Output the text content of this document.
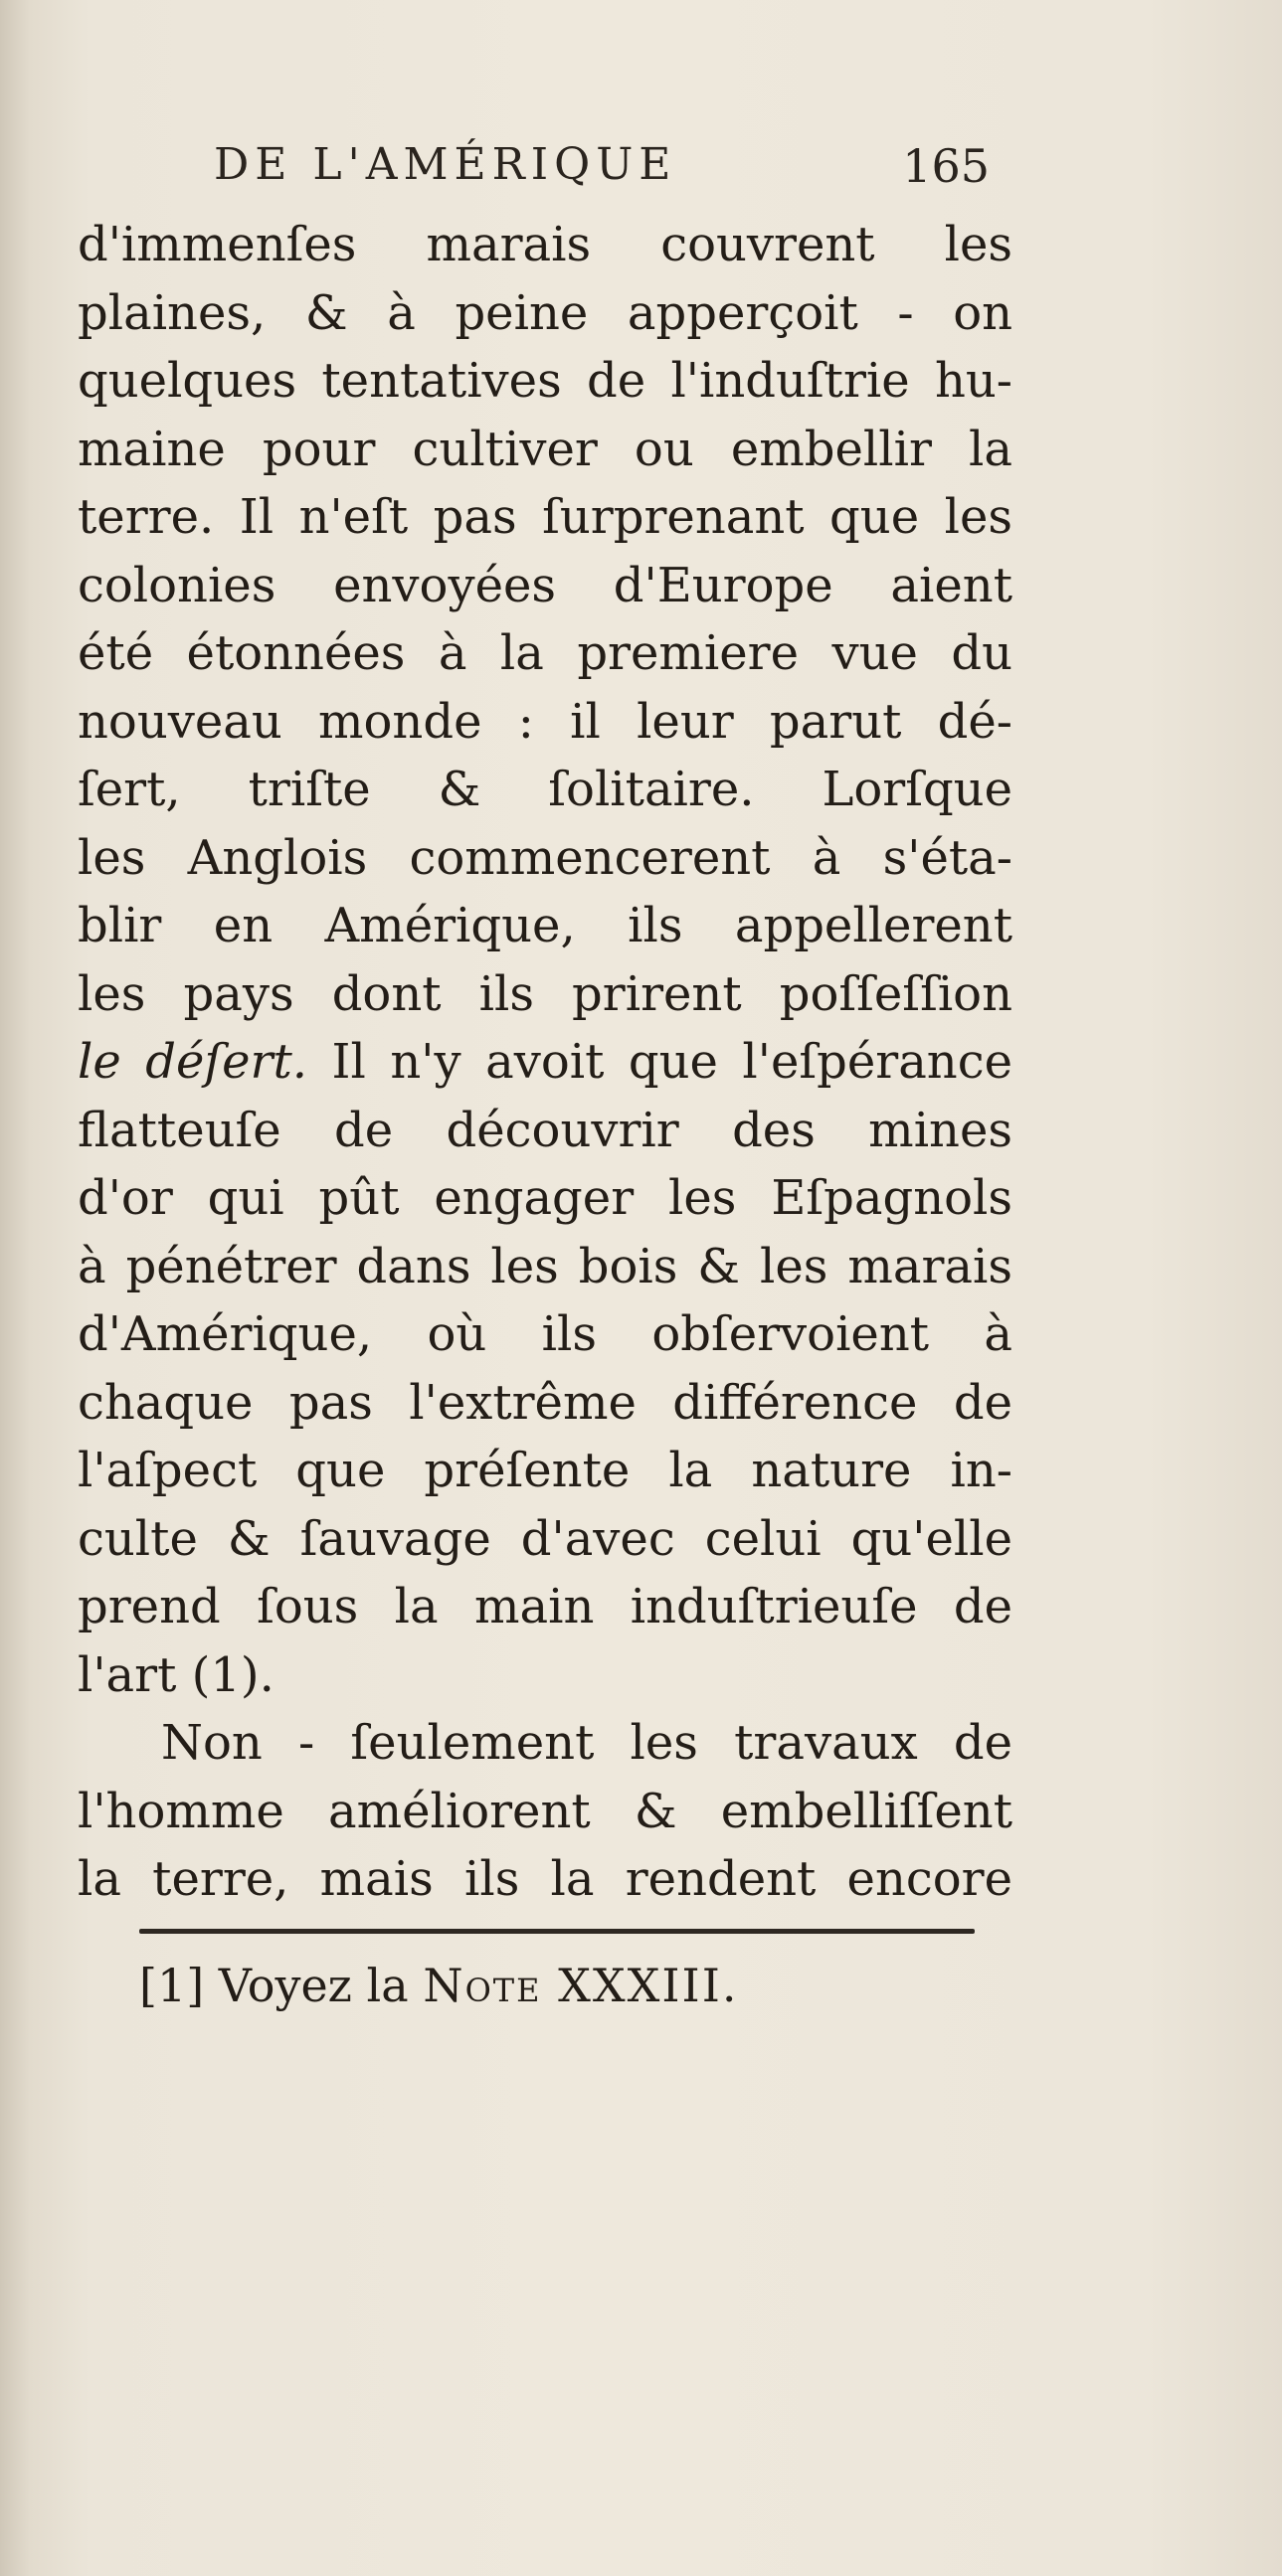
DE L'AMÉRIQUE	165
d'immenſes marais couvrent les
plaines, & à peine apperçoit - on
quelques tentatives de l'induſtrie hu-
maine pour cultiver ou embellir la
terre. Il n'eſt pas ſurprenant que les
colonies envoyées d'Europe aient
été étonnées à la premiere vue du
nouveau monde : il leur parut dé-
ſert, triſte & ſolitaire. Lorſque
les Anglois commencerent à s'éta-
blir en Amérique, ils appellerent
les pays dont ils prirent poſſeſſion
le déſert. Il n'y avoit que l'eſpérance
flatteuſe de découvrir des mines
d'or qui pût engager les Eſpagnols
à pénétrer dans les bois & les marais
d'Amérique, où ils obſervoient à
chaque pas l'extrême différence de
l'aſpect que préſente la nature in-
culte & ſauvage d'avec celui qu'elle
prend ſous la main induſtrieuſe de
l'art (1).
Non - ſeulement les travaux de
l'homme améliorent & embelliſſent
la terre, mais ils la rendent encore
[1] Voyez la Note XXXIII.
